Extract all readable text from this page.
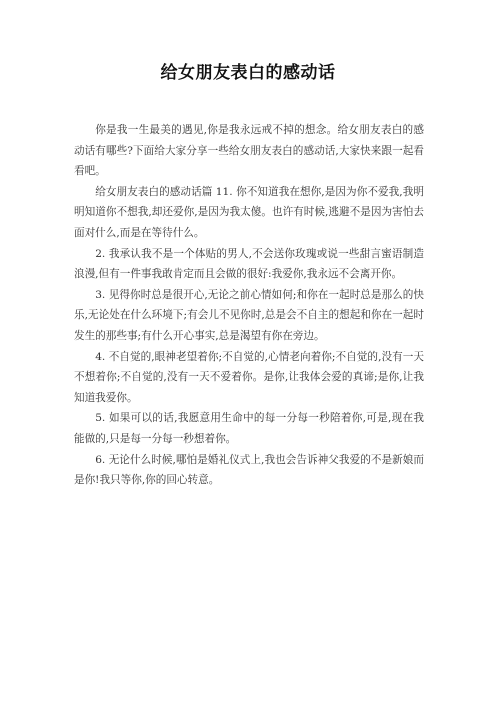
给女朋友表白的感动话

你是我一生最美的遇见,你是我永远戒不掉的想念。给女朋友表白的感动话有哪些?下面给大家分享一些给女朋友表白的感动话,大家快来跟一起看看吧。

给女朋友表白的感动话篇 11. 你不知道我在想你,是因为你不爱我,我明明知道你不想我,却还爱你,是因为我太傻。也许有时候,逃避不是因为害怕去面对什么,而是在等待什么。

2. 我承认我不是一个体贴的男人,不会送你玫瑰或说一些甜言蜜语制造浪漫,但有一件事我敢肯定而且会做的很好:我爱你,我永远不会离开你。

3. 见得你时总是很开心,无论之前心情如何;和你在一起时总是那么的快乐,无论处在什么环境下;有会儿不见你时,总是会不自主的想起和你在一起时发生的那些事;有什么开心事实,总是渴望有你在旁边。

4. 不自觉的,眼神老望着你;不自觉的,心情老向着你;不自觉的,没有一天不想着你;不自觉的,没有一天不爱着你。是你,让我体会爱的真谛;是你,让我知道我爱你。

5. 如果可以的话,我愿意用生命中的每一分每一秒陪着你,可是,现在我能做的,只是每一分每一秒想着你。

6. 无论什么时候,哪怕是婚礼仪式上,我也会告诉神父我爱的不是新娘而是你!我只等你,你的回心转意。
